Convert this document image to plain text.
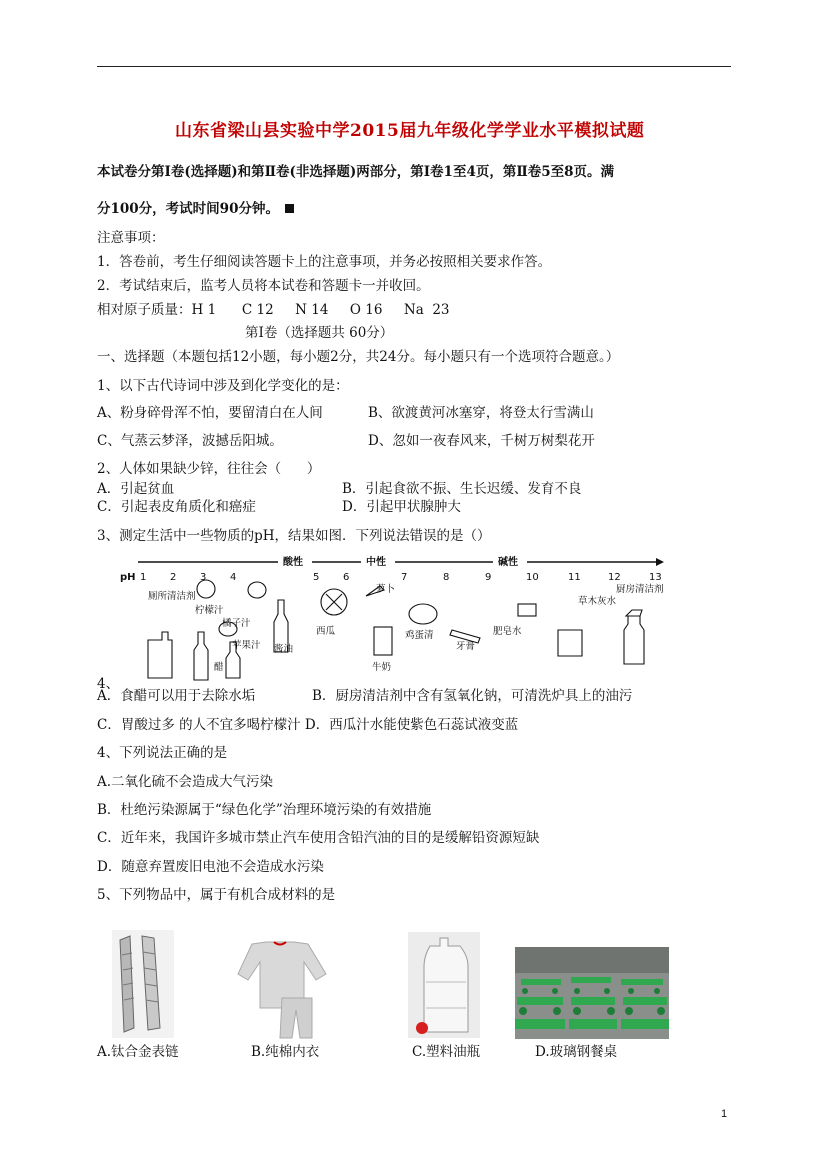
山东省梁山县实验中学2015届九年级化学学业水平模拟试题
本试卷分第Ⅰ卷(选择题)和第Ⅱ卷(非选择题)两部分，第Ⅰ卷1至4页，第Ⅱ卷5至8页。满
分100分，考试时间90分钟。
注意事项：
1．答卷前，考生仔细阅读答题卡上的注意事项，并务必按照相关要求作答。
2．考试结束后，监考人员将本试卷和答题卡一并收回。
相对原子质量：H 1      C 12     N 14     O 16     Na  23
第Ⅰ卷（选择题共 60分）
一、选择题（本题包括12小题，每小题2分，共24分。每小题只有一个选项符合题意。）
1、以下古代诗词中涉及到化学变化的是：
A、粉身碎骨浑不怕，要留清白在人间	B、欲渡黄河冰塞穿，将登太行雪满山
C、气蒸云梦泽，波撼岳阳城。	D、忽如一夜春风来，千树万树梨花开
2、人体如果缺少锌，往往会（      ）
A．引起贫血	B．引起食欲不振、生长迟缓、发育不良
C．引起表皮角质化和癌症	D．引起甲状腺肿大
3、测定生活中一些物质的pH，结果如图．下列说法错误的是（）
酸性	中性	碱性
pH 1 2 3 4	5 6	7	8	9	10	11	12	13
厕所清洁剂
柠檬汁
橘子汁
苹果汁
醋
酱油
西瓜
萝卜
牛奶
鸡蛋清
牙膏
肥皂水
草木灰水
厨房清洁剂
4、
A．食醋可以用于去除水垢	B．厨房清洁剂中含有氢氧化钠，可清洗炉具上的油污
C．胃酸过多 的人不宜多喝柠檬汁 D．西瓜汁水能使紫色石蕊试液变蓝
4、下列说法正确的是
A.二氧化硫不会造成大气污染
B．杜绝污染源属于“绿色化学”治理环境污染的有效措施
C．近年来，我国许多城市禁止汽车使用含铅汽油的目的是缓解铅资源短缺
D．随意弃置废旧电池不会造成水污染
5、下列物品中，属于有机合成材料的是
A.钛合金表链	B.纯棉内衣	C.塑料油瓶	D.玻璃钢餐桌
1
